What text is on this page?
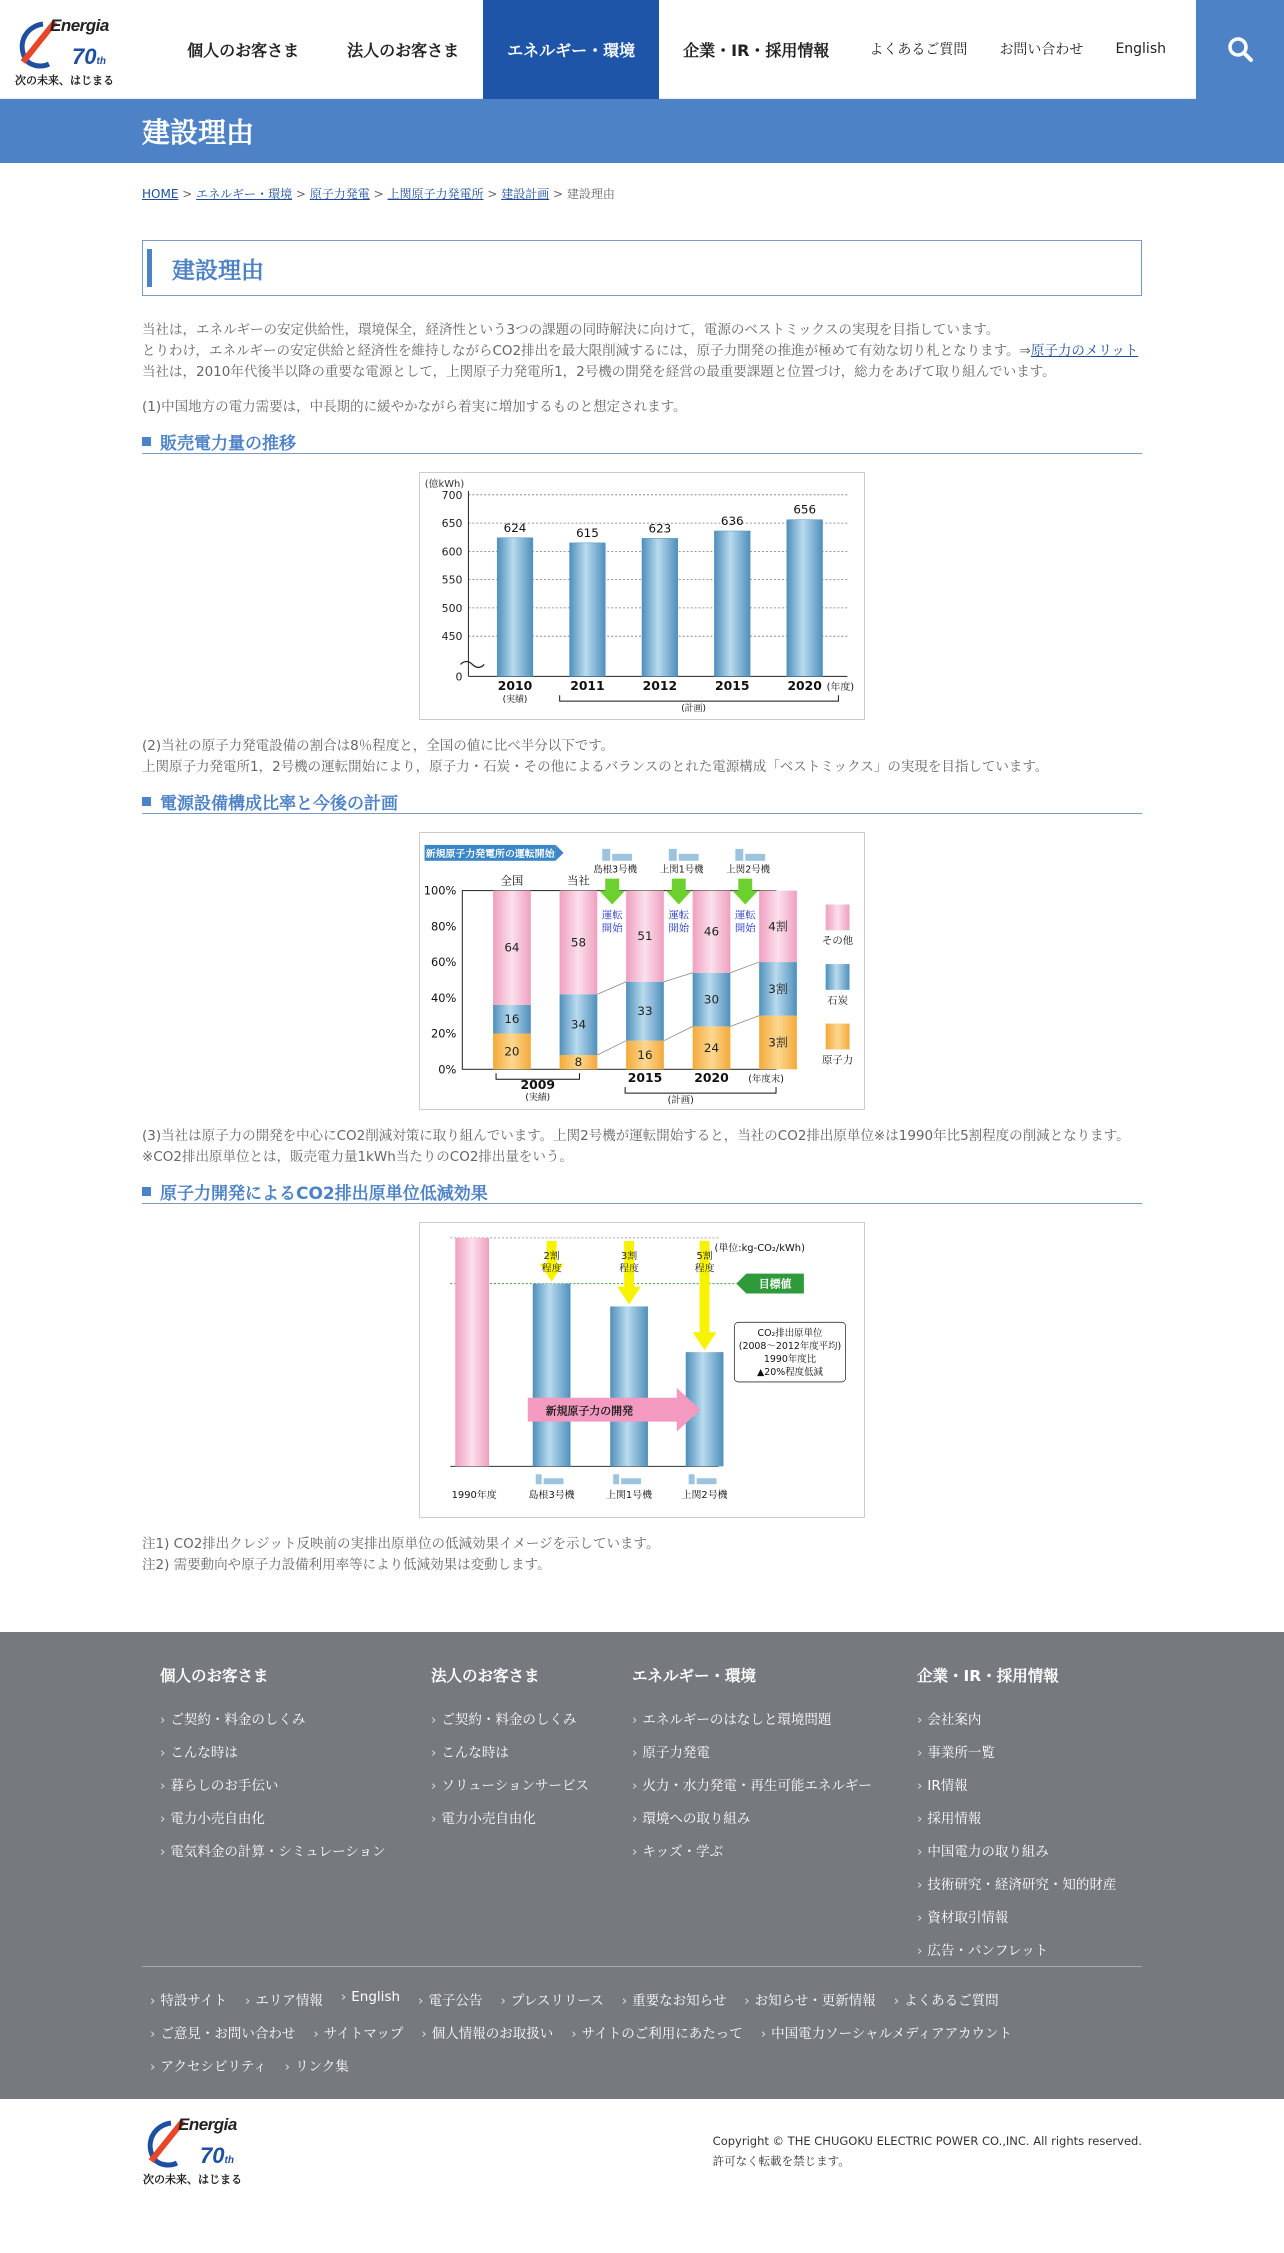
Energia
70th
次の未来、はじまる
個人のお客さま	法人のお客さま	エネルギー・環境	企業・IR・採用情報	よくあるご質問	お問い合わせ	English
建設理由
HOME > エネルギー・環境 > 原子力発電 > 上関原子力発電所 > 建設計画 > 建設理由
建設理由

当社は，エネルギーの安定供給性，環境保全，経済性という3つの課題の同時解決に向けて，電源のベストミックスの実現を目指しています。

とりわけ，エネルギーの安定供給と経済性を維持しながらCO2排出を最大限削減するには，原子力開発の推進が極めて有効な切り札となります。⇒原子力のメリット

当社は，2010年代後半以降の重要な電源として，上関原子力発電所1，2号機の開発を経営の最重要課題と位置づけ，総力をあげて取り組んでいます。

(1)中国地方の電力需要は，中長期的に緩やかながら着実に増加するものと想定されます。
販売電力量の推移
(億kWh)
700
650
600
550
500
450
0
624
2010
615
2011
623
2012
636
2015
656
2020 (年度)
(実績)
(計画)

(2)当社の原子力発電設備の割合は8％程度と，全国の値に比べ半分以下です。

上関原子力発電所1，2号機の運転開始により，原子力・石炭・その他によるバランスのとれた電源構成「ベストミックス」の実現を目指しています。

電源設備構成比率と今後の計画
新規原子力発電所の運転開始
100%
80%
60%
40%
20%
0%
20
16
64
全国
8
34
58
当社
16
33
51
24
30
46
3割
3割
4割
島根3号機
運転
開始
上関1号機
運転
開始
上関2号機
運転
開始
その他
石炭
原子力
2009
(実績)
2015	2020 (年度末)
(計画)

(3)当社は原子力の開発を中心にCO2削減対策に取り組んでいます。上関2号機が運転開始すると，当社のCO2排出原単位※は1990年比5割程度の削減となります。

※CO2排出原単位とは，販売電力量1kWh当たりのCO2排出量をいう。

原子力開発によるCO2排出原単位低減効果
1990年度	島根3号機	上関1号機	上関2号機
2割
程度
3割
程度
5割
程度
(単位:kg-CO₂/kWh)
目標値
CO₂排出原単位
(2008〜2012年度平均)
1990年度比
▲20%程度低減
新規原子力の開発

注1) CO2排出クレジット反映前の実排出原単位の低減効果イメージを示しています。

注2) 需要動向や原子力設備利用率等により低減効果は変動します。

個人のお客さま
› ご契約・料金のしくみ
› こんな時は
› 暮らしのお手伝い
› 電力小売自由化
› 電気料金の計算・シミュレーション
法人のお客さま
› ご契約・料金のしくみ
› こんな時は
› ソリューションサービス
› 電力小売自由化
エネルギー・環境
› エネルギーのはなしと環境問題
› 原子力発電
› 火力・水力発電・再生可能エネルギー
› 環境への取り組み
› キッズ・学ぶ
企業・IR・採用情報
› 会社案内
› 事業所一覧
› IR情報
› 採用情報
› 中国電力の取り組み
› 技術研究・経済研究・知的財産
› 資材取引情報
› 広告・パンフレット
› 特設サイト	› エリア情報	› English	› 電子公告	› プレスリリース	› 重要なお知らせ	› お知らせ・更新情報	› よくあるご質問
› ご意見・お問い合わせ	› サイトマップ	› 個人情報のお取扱い	› サイトのご利用にあたって	› 中国電力ソーシャルメディアアカウント
› アクセシビリティ	› リンク集
Energia
70th
次の未来、はじまる

Copyright © THE CHUGOKU ELECTRIC POWER CO.,INC. All rights reserved.

許可なく転載を禁じます。
